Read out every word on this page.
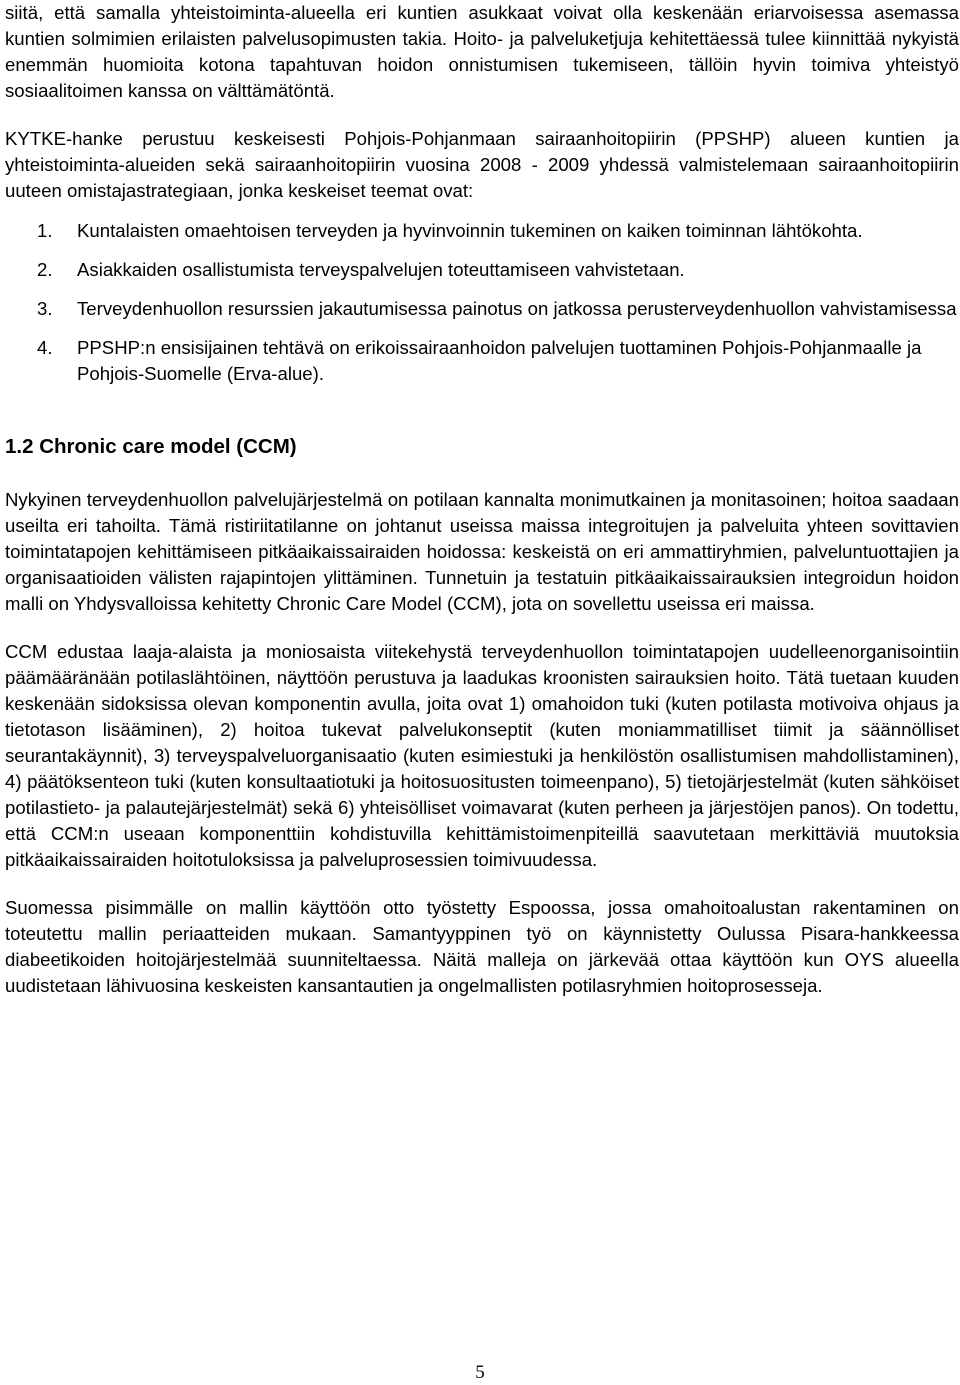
siitä, että samalla yhteistoiminta-alueella eri kuntien asukkaat voivat olla keskenään eriarvoisessa asemassa kuntien solmimien erilaisten palvelusopimusten takia. Hoito- ja palveluketjuja kehitettäessä tulee kiinnittää nykyistä enemmän huomioita kotona tapahtuvan hoidon onnistumisen tukemiseen, tällöin hyvin toimiva yhteistyö sosiaalitoimen kanssa on välttämätöntä.

KYTKE-hanke perustuu keskeisesti Pohjois-Pohjanmaan sairaanhoitopiirin (PPSHP) alueen kuntien ja yhteistoiminta-alueiden sekä sairaanhoitopiirin vuosina 2008 - 2009 yhdessä valmistelemaan sairaanhoitopiirin uuteen omistajastrategiaan, jonka keskeiset teemat ovat:

1. Kuntalaisten omaehtoisen terveyden ja hyvinvoinnin tukeminen on kaiken toiminnan lähtökohta.
2. Asiakkaiden osallistumista terveyspalvelujen toteuttamiseen vahvistetaan.
3. Terveydenhuollon resurssien jakautumisessa painotus on jatkossa perusterveydenhuollon vahvistamisessa
4. PPSHP:n ensisijainen tehtävä on erikoissairaanhoidon palvelujen tuottaminen Pohjois-Pohjanmaalle ja Pohjois-Suomelle (Erva-alue).
1.2 Chronic care model (CCM)

Nykyinen terveydenhuollon palvelujärjestelmä on potilaan kannalta monimutkainen ja monitasoinen; hoitoa saadaan useilta eri tahoilta. Tämä ristiriitatilanne on johtanut useissa maissa integroitujen ja palveluita yhteen sovittavien toimintatapojen kehittämiseen pitkäaikaissairaiden hoidossa: keskeistä on eri ammattiryhmien, palveluntuottajien ja organisaatioiden välisten rajapintojen ylittäminen. Tunnetuin ja testatuin pitkäaikaissairauksien integroidun hoidon malli on Yhdysvalloissa kehitetty Chronic Care Model (CCM), jota on sovellettu useissa eri maissa.

CCM edustaa laaja-alaista ja moniosaista viitekehystä terveydenhuollon toimintatapojen uudelleenorganisointiin päämääränään potilaslähtöinen, näyttöön perustuva ja laadukas kroonisten sairauksien hoito. Tätä tuetaan kuuden keskenään sidoksissa olevan komponentin avulla, joita ovat 1) omahoidon tuki (kuten potilasta motivoiva ohjaus ja tietotason lisääminen), 2) hoitoa tukevat palvelukonseptit (kuten moniammatilliset tiimit ja säännölliset seurantakäynnit), 3) terveyspalveluorganisaatio (kuten esimiestuki ja henkilöstön osallistumisen mahdollistaminen), 4) päätöksenteon tuki (kuten konsultaatiotuki ja hoitosuositusten toimeenpano), 5) tietojärjestelmät (kuten sähköiset potilastieto- ja palautejärjestelmät) sekä 6) yhteisölliset voimavarat (kuten perheen ja järjestöjen panos). On todettu, että CCM:n useaan komponenttiin kohdistuvilla kehittämistoimenpiteillä saavutetaan merkittäviä muutoksia pitkäaikaissairaiden hoitotuloksissa ja palveluprosessien toimivuudessa.

Suomessa pisimmälle on mallin käyttöön otto työstetty Espoossa, jossa omahoitoalustan rakentaminen on toteutettu mallin periaatteiden mukaan. Samantyyppinen työ on käynnistetty Oulussa Pisara-hankkeessa diabeetikoiden hoitojärjestelmää suunniteltaessa. Näitä malleja on järkevää ottaa käyttöön kun OYS alueella uudistetaan lähivuosina keskeisten kansantautien ja ongelmallisten potilasryhmien hoitoprosesseja.

5
